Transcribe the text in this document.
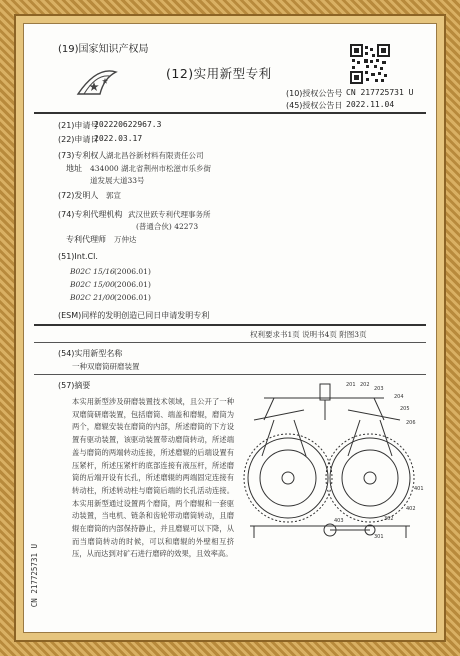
(19)国家知识产权局
(12)实用新型专利
(10)授权公告号 CN 217725731 U
(45)授权公告日 2022.11.04
(21)申请号
202220622967.3
(22)申请日
2022.03.17
(73)专利权人 湖北昌谷新材料有限责任公司
地址 434000 湖北省荆州市松滋市乐乡街
道发展大道33号
(72)发明人 郭宣
(74)专利代理机构 武汉世跃专利代理事务所
(普通合伙) 42273
专利代理师 万仲达
(51)Int.Cl.
B02C 15/16 (2006.01)
B02C 15/00 (2006.01)
B02C 21/00 (2006.01)
(ESM)同样的发明创造已同日申请发明专利
权利要求书1页 说明书4页 附图3页
(54)实用新型名称
一种双磨筒研磨装置
(57)摘要
本实用新型涉及研磨装置技术领域，且公开了一种双磨筒研磨装置，包括磨筒、端盖和磨辊，磨筒为两个，磨辊安装在磨筒的内部，所述磨筒的下方设置有驱动装置，该驱动装置带动磨筒转动，所述端盖与磨筒的两端转动连接，所述磨辊的后端设置有压紧杆，所述压紧杆的底部连接有液压杆，所述磨筒的后端开设有长孔，所述磨辊的两端固定连接有转动柱，所述转动柱与磨筒后端的长孔活动连接。本实用新型通过设置两个磨筒，两个磨辊和一套驱动装置，当电机、链条和齿轮带动磨筒转动，且磨辊在磨筒的内部保持静止，并且磨辊可以下降，从而当磨筒转动的时候，可以和磨辊的外壁相互挤压，从而达到对矿石进行磨碎的效果，且效率高。
201 202
203
204
205
206
401
402
403
301
302
CN 217725731 U
